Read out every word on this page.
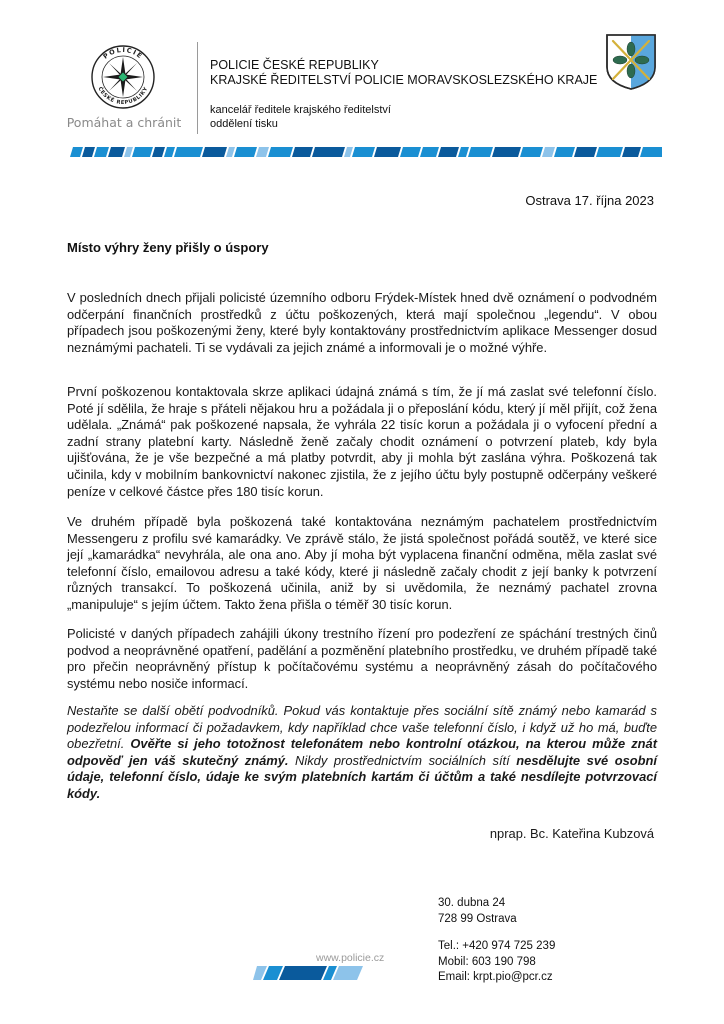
POLICIE
ČESKÉ REPUBLIKY
Pomáhat a chránit
POLICIE ČESKÉ REPUBLIKY
KRAJSKÉ ŘEDITELSTVÍ POLICIE MORAVSKOSLEZSKÉHO KRAJE
kancelář ředitele krajského ředitelství
oddělení tisku
Ostrava 17. října 2023
Místo výhry ženy přišly o úspory
V posledních dnech přijali policisté územního odboru Frýdek-Místek hned dvě oznámení o podvodném odčerpání finančních prostředků z účtu poškozených, která mají společnou „legendu“. V obou případech jsou poškozenými ženy, které byly kontaktovány prostřednictvím aplikace Messenger dosud neznámými pachateli. Ti se vydávali za jejich známé a informovali je o možné výhře.
První poškozenou kontaktovala skrze aplikaci údajná známá s tím, že jí má zaslat své telefonní číslo. Poté jí sdělila, že hraje s přáteli nějakou hru a požádala ji o přeposlání kódu, který jí měl přijít, což žena udělala. „Známá“ pak poškozené napsala, že vyhrála 22 tisíc korun a požádala ji o vyfocení přední a zadní strany platební karty. Následně ženě začaly chodit oznámení o potvrzení plateb, kdy byla ujišťována, že je vše bezpečné a má platby potvrdit, aby ji mohla být zaslána výhra. Poškozená tak učinila, kdy v mobilním bankovnictví nakonec zjistila, že z jejího účtu byly postupně odčerpány veškeré peníze v celkové částce přes 180 tisíc korun.
Ve druhém případě byla poškozená také kontaktována neznámým pachatelem prostřednictvím Messengeru z profilu své kamarádky. Ve zprávě stálo, že jistá společnost pořádá soutěž, ve které sice její „kamarádka“ nevyhrála, ale ona ano. Aby jí moha být vyplacena finanční odměna, měla zaslat své telefonní číslo, emailovou adresu a také kódy, které ji následně začaly chodit z její banky k potvrzení různých transakcí. To poškozená učinila, aniž by si uvědomila, že neznámý pachatel zrovna „manipuluje“ s jejím účtem. Takto žena přišla o téměř 30 tisíc korun.
Policisté v daných případech zahájili úkony trestního řízení pro podezření ze spáchání trestných činů podvod a neoprávněné opatření, padělání a pozměnění platebního prostředku, ve druhém případě také pro přečin neoprávněný přístup k počítačovému systému a neoprávněný zásah do počítačového systému nebo nosiče informací.
Nestaňte se další obětí podvodníků. Pokud vás kontaktuje přes sociální sítě známý nebo kamarád s podezřelou informací či požadavkem, kdy například chce vaše telefonní číslo, i když už ho má, buďte obezřetní. Ověřte si jeho totožnost telefonátem nebo kontrolní otázkou, na kterou může znát odpověď jen váš skutečný známý. Nikdy prostřednictvím sociálních sítí nesdělujte své osobní údaje, telefonní číslo, údaje ke svým platebních kartám či účtům a také nesdílejte potvrzovací kódy.
nprap. Bc. Kateřina Kubzová
30. dubna 24
728 99 Ostrava
Tel.: +420 974 725 239
Mobil: 603 190 798
Email: krpt.pio@pcr.cz
www.policie.cz
